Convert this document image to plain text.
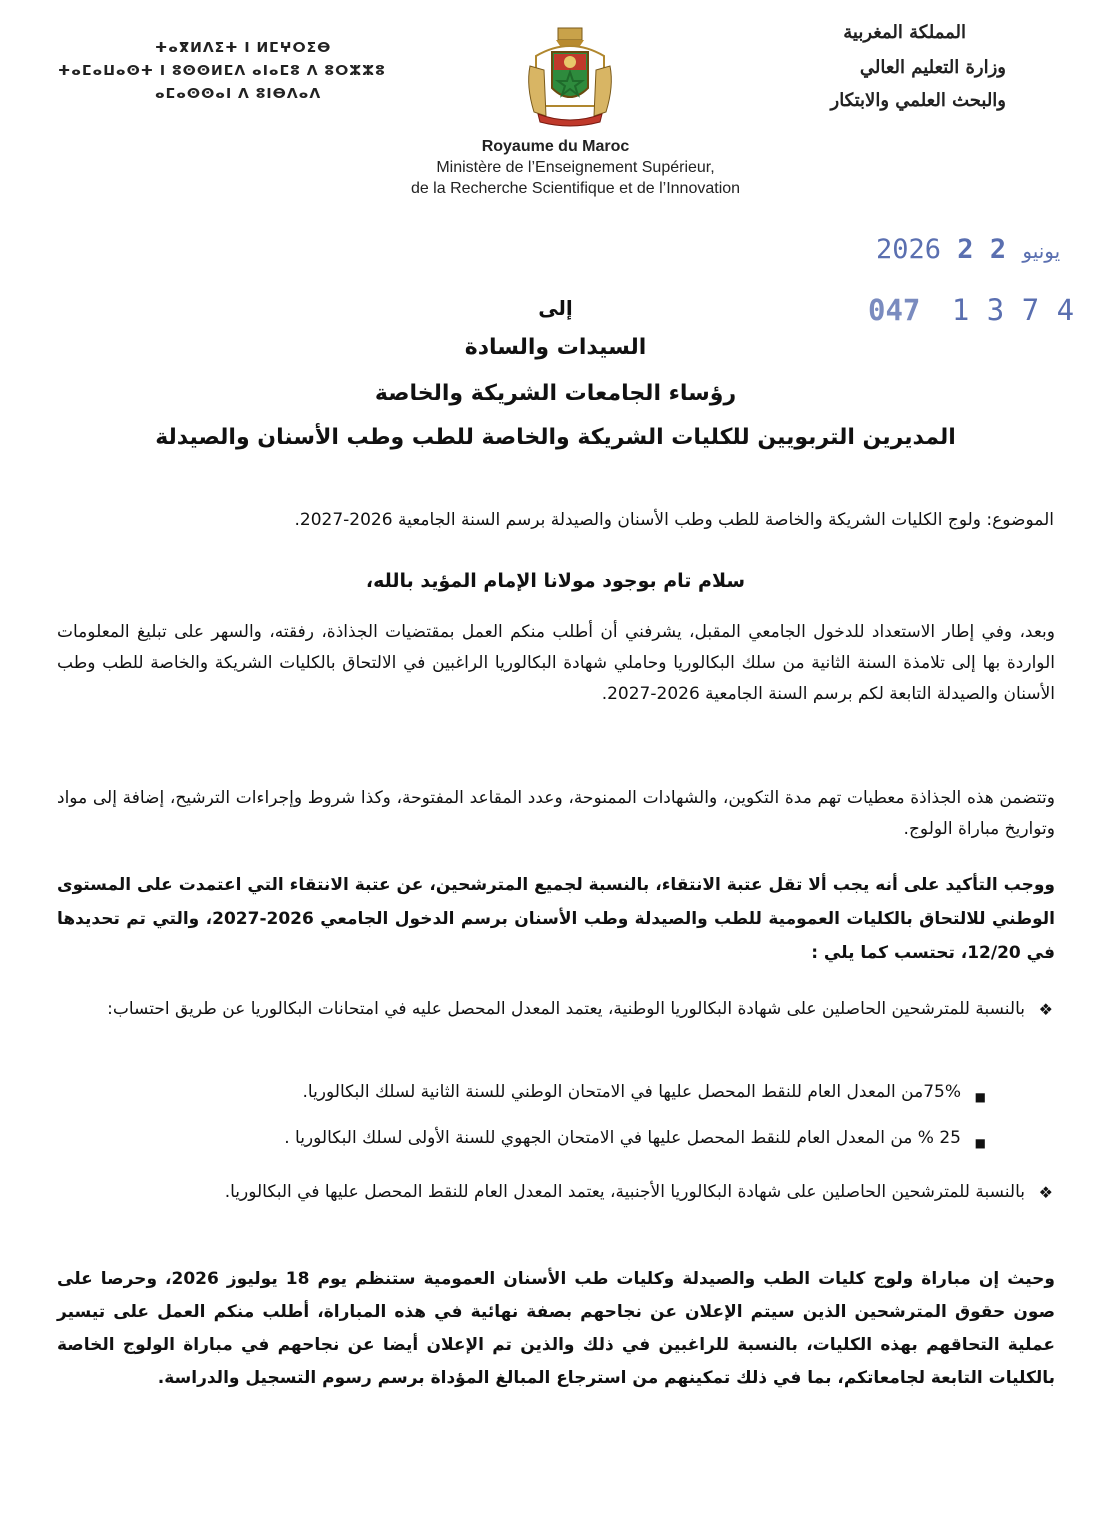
ⵜⴰⴳⵍⴷⵉⵜ ⵏ ⵍⵎⵖⵔⵉⴱ
ⵜⴰⵎⴰⵡⴰⵙⵜ ⵏ ⵓⵙⵙⵍⵎⴷ ⴰⵏⴰⵎⵓ ⴷ ⵓⵔⵣⵣⵓ
ⴰⵎⴰⵙⵙⴰⵏ ⴷ ⵓⵏⴱⴷⴰⴷ
المملكة المغربية
وزارة التعليم العالي
والبحث العلمي والابتكار
Royaume du Maroc
Ministère de l’Enseignement Supérieur,
de la Recherche Scientifique et de l’Innovation
2026	يونيو 2 2
047 1 3 7 4
إلى
السيدات والسادة
رؤساء الجامعات الشريكة والخاصة
المديرين التربويين للكليات الشريكة والخاصة للطب وطب الأسنان والصيدلة
الموضوع: ولوج الكليات الشريكة والخاصة للطب وطب الأسنان والصيدلة برسم السنة الجامعية 2026-2027.
سلام تام بوجود مولانا الإمام المؤيد بالله،
وبعد، وفي إطار الاستعداد للدخول الجامعي المقبل، يشرفني أن أطلب منكم العمل بمقتضيات الجذاذة، رفقته، والسهر على تبليغ المعلومات الواردة بها إلى تلامذة السنة الثانية من سلك البكالوريا وحاملي شهادة البكالوريا الراغبين في الالتحاق بالكليات الشريكة والخاصة للطب وطب الأسنان والصيدلة التابعة لكم برسم السنة الجامعية 2026-2027.
وتتضمن هذه الجذاذة معطيات تهم مدة التكوين، والشهادات الممنوحة، وعدد المقاعد المفتوحة، وكذا شروط وإجراءات الترشيح، إضافة إلى مواد وتواريخ مباراة الولوج.
ووجب التأكيد على أنه يجب ألا تقل عتبة الانتقاء، بالنسبة لجميع المترشحين، عن عتبة الانتقاء التي اعتمدت على المستوى الوطني للالتحاق بالكليات العمومية للطب والصيدلة وطب الأسنان برسم الدخول الجامعي 2026-2027، والتي تم تحديدها في 12/20، تحتسب كما يلي :
❖
بالنسبة للمترشحين الحاصلين على شهادة البكالوريا الوطنية، يعتمد المعدل المحصل عليه في امتحانات البكالوريا عن طريق احتساب:
■
75%من المعدل العام للنقط المحصل عليها في الامتحان الوطني للسنة الثانية لسلك البكالوريا.
■
25 % من المعدل العام للنقط المحصل عليها في الامتحان الجهوي للسنة الأولى لسلك البكالوريا .
❖
بالنسبة للمترشحين الحاصلين على شهادة البكالوريا الأجنبية، يعتمد المعدل العام للنقط المحصل عليها في البكالوريا.
وحيث إن مباراة ولوج كليات الطب والصيدلة وكليات طب الأسنان العمومية ستنظم يوم 18 يوليوز 2026، وحرصا على صون حقوق المترشحين الذين سيتم الإعلان عن نجاحهم بصفة نهائية في هذه المباراة، أطلب منكم العمل على تيسير عملية التحاقهم بهذه الكليات، بالنسبة للراغبين في ذلك والذين تم الإعلان أيضا عن نجاحهم في مباراة الولوج الخاصة بالكليات التابعة لجامعاتكم، بما في ذلك تمكينهم من استرجاع المبالغ المؤداة برسم رسوم التسجيل والدراسة.
